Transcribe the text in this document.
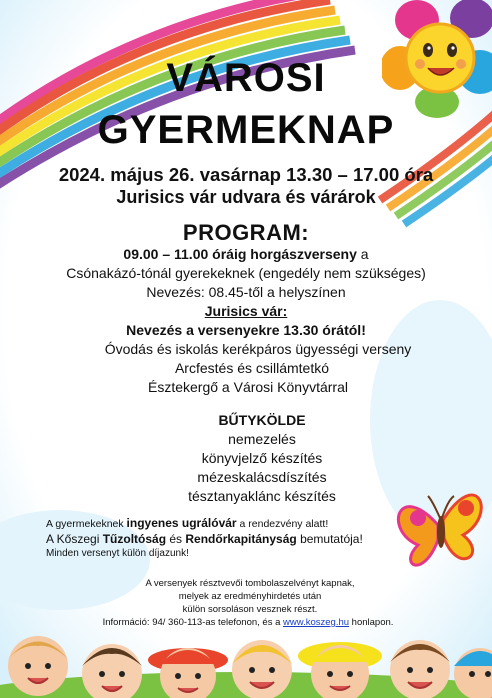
VÁROSI
GYERMEKNAP
2024. május 26. vasárnap 13.30 – 17.00 óra
Jurisics vár udvara és várárok
PROGRAM:
09.00 – 11.00 óráig horgászverseny a
Csónakázó-tónál gyerekeknek (engedély nem szükséges)
Nevezés: 08.45-től a helyszínen
Jurisics vár:
Nevezés a versenyekre 13.30 órától!
Óvodás és iskolás kerékpáros ügyességi verseny
Arcfestés és csillámtetkó
Észtekergő a Városi Könyvtárral
BŰTYKÖLDE
nemezelés
könyvjelző készítés
mézeskalácsdíszítés
tésztanyaklánc készítés
A gyermekeknek ingyenes ugrálóvár a rendezvény alatt!
A Kőszegi Tűzoltóság és Rendőrkapitányság bemutatója!
Minden versenyt külön díjazunk!
A versenyek résztvevői tombolaszelvényt kapnak,
melyek az eredményhirdetés után
külön sorsoláson vesznek részt.
Információ: 94/ 360-113-as telefonon, és a www.koszeg.hu honlapon.
